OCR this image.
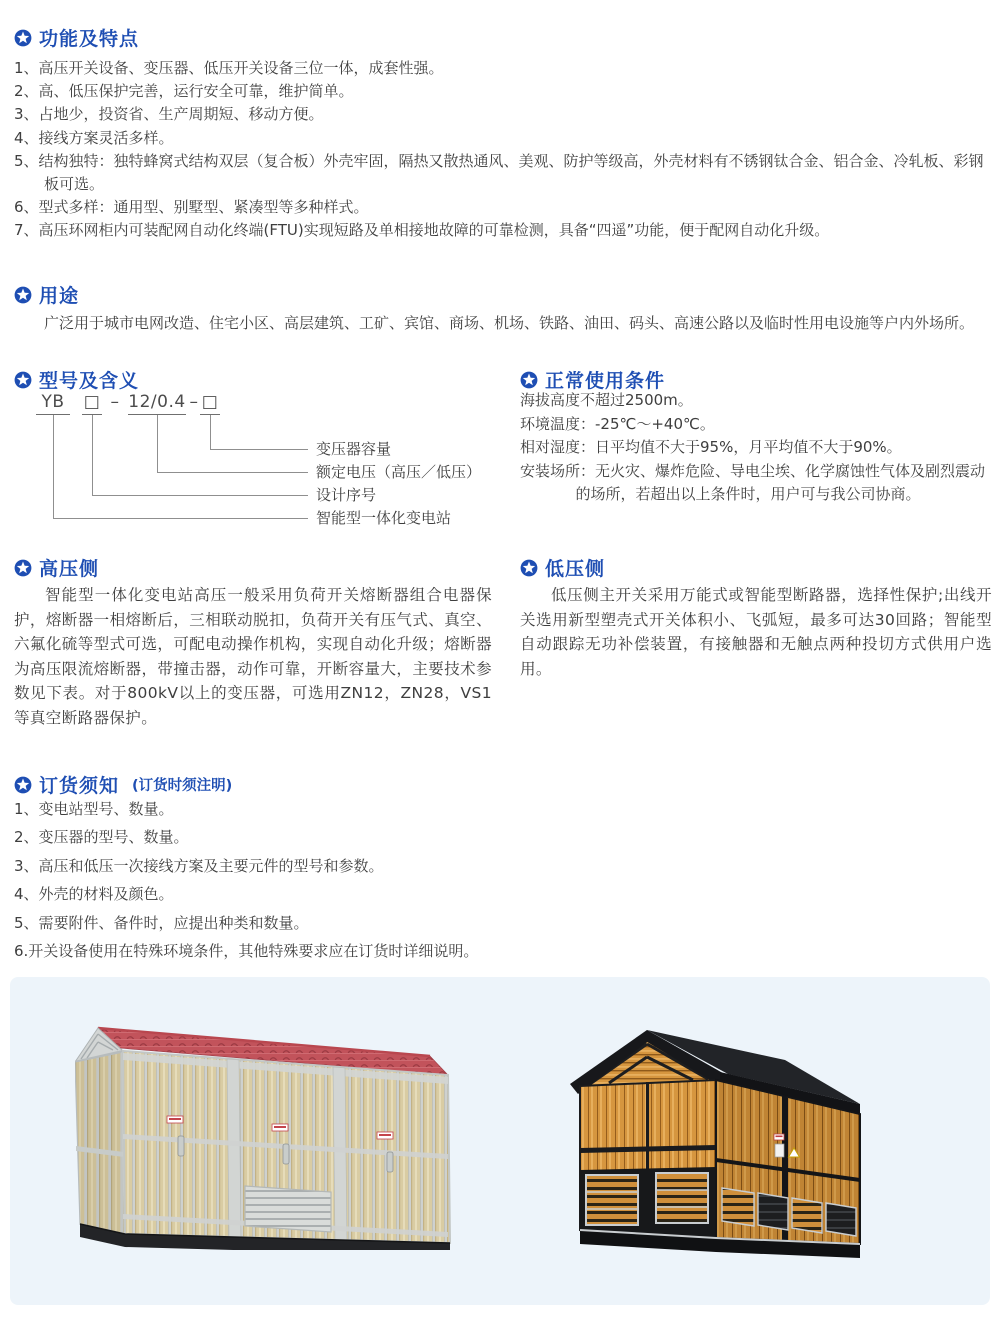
功能及特点
1、高压开关设备、变压器、低压开关设备三位一体，成套性强。
2、高、低压保护完善，运行安全可靠，维护简单。
3、占地少，投资省、生产周期短、移动方便。
4、接线方案灵活多样。
5、结构独特：独特蜂窝式结构双层（复合板）外壳牢固，隔热又散热通风、美观、防护等级高，外壳材料有不锈钢钛合金、铝合金、冷轧板、彩钢板可选。
6、型式多样：通用型、别墅型、紧凑型等多种样式。
7、高压环网柜内可装配网自动化终端(FTU)实现短路及单相接地故障的可靠检测，具备“四遥”功能，便于配网自动化升级。
用途

广泛用于城市电网改造、住宅小区、高层建筑、工矿、宾馆、商场、机场、铁路、油田、码头、高速公路以及临时性用电设施等户内外场所。

型号及含义
YB	□ – 12/0.4 – □
变压器容量
额定电压（高压／低压）
设计序号
智能型一体化变电站
正常使用条件
海拔高度不超过2500m。
环境温度：-25℃～+40℃。
相对湿度：日平均值不大于95%，月平均值不大于90%。
安装场所：无火灾、爆炸危险、导电尘埃、化学腐蚀性气体及剧烈震动的场所，若超出以上条件时，用户可与我公司协商。
高压侧

智能型一体化变电站高压一般采用负荷开关熔断器组合电器保护，熔断器一相熔断后，三相联动脱扣，负荷开关有压气式、真空、六氟化硫等型式可选，可配电动操作机构，实现自动化升级；熔断器为高压限流熔断器，带撞击器，动作可靠，开断容量大，主要技术参数见下表。对于800kV以上的变压器，可选用ZN12，ZN28，VS1等真空断路器保护。

低压侧

低压侧主开关采用万能式或智能型断路器，选择性保护;出线开关选用新型塑壳式开关体积小、飞弧短，最多可达30回路；智能型自动跟踪无功补偿装置，有接触器和无触点两种投切方式供用户选用。

订货须知 (订货时须注明)
1、变电站型号、数量。
2、变压器的型号、数量。
3、高压和低压一次接线方案及主要元件的型号和参数。
4、外壳的材料及颜色。
5、需要附件、备件时，应提出种类和数量。
6.开关设备使用在特殊环境条件，其他特殊要求应在订货时详细说明。
